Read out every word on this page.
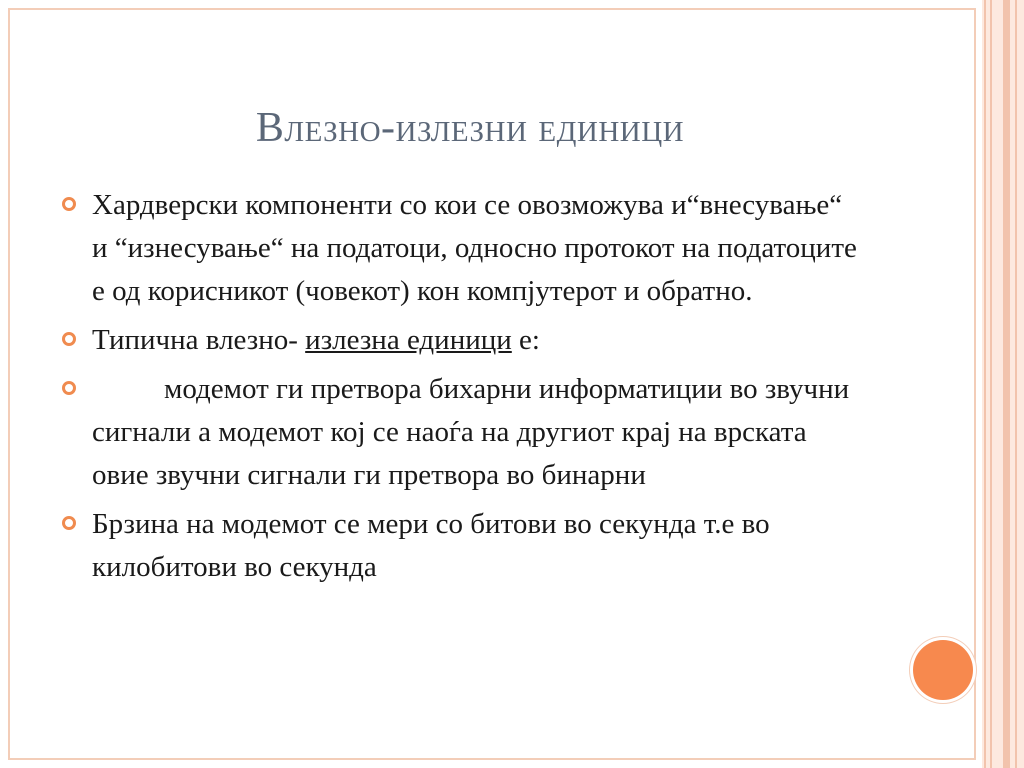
Влезно-излезни единици
Хардверски компоненти со кои се овозможува и“внесување“ и “изнесување“ на податоци, односно протокот на податоците е од корисникот (човекот) кон компјутерот и обратно.
Типична влезно- излезна единици е:
модемот ги претвора бихарни информатиции во звучни сигнали а модемот кој се наоѓа на другиот крај на врската овие звучни сигнали ги претвора во бинарни
Брзина на модемот се мери со битови во секунда т.е во килобитови во секунда
